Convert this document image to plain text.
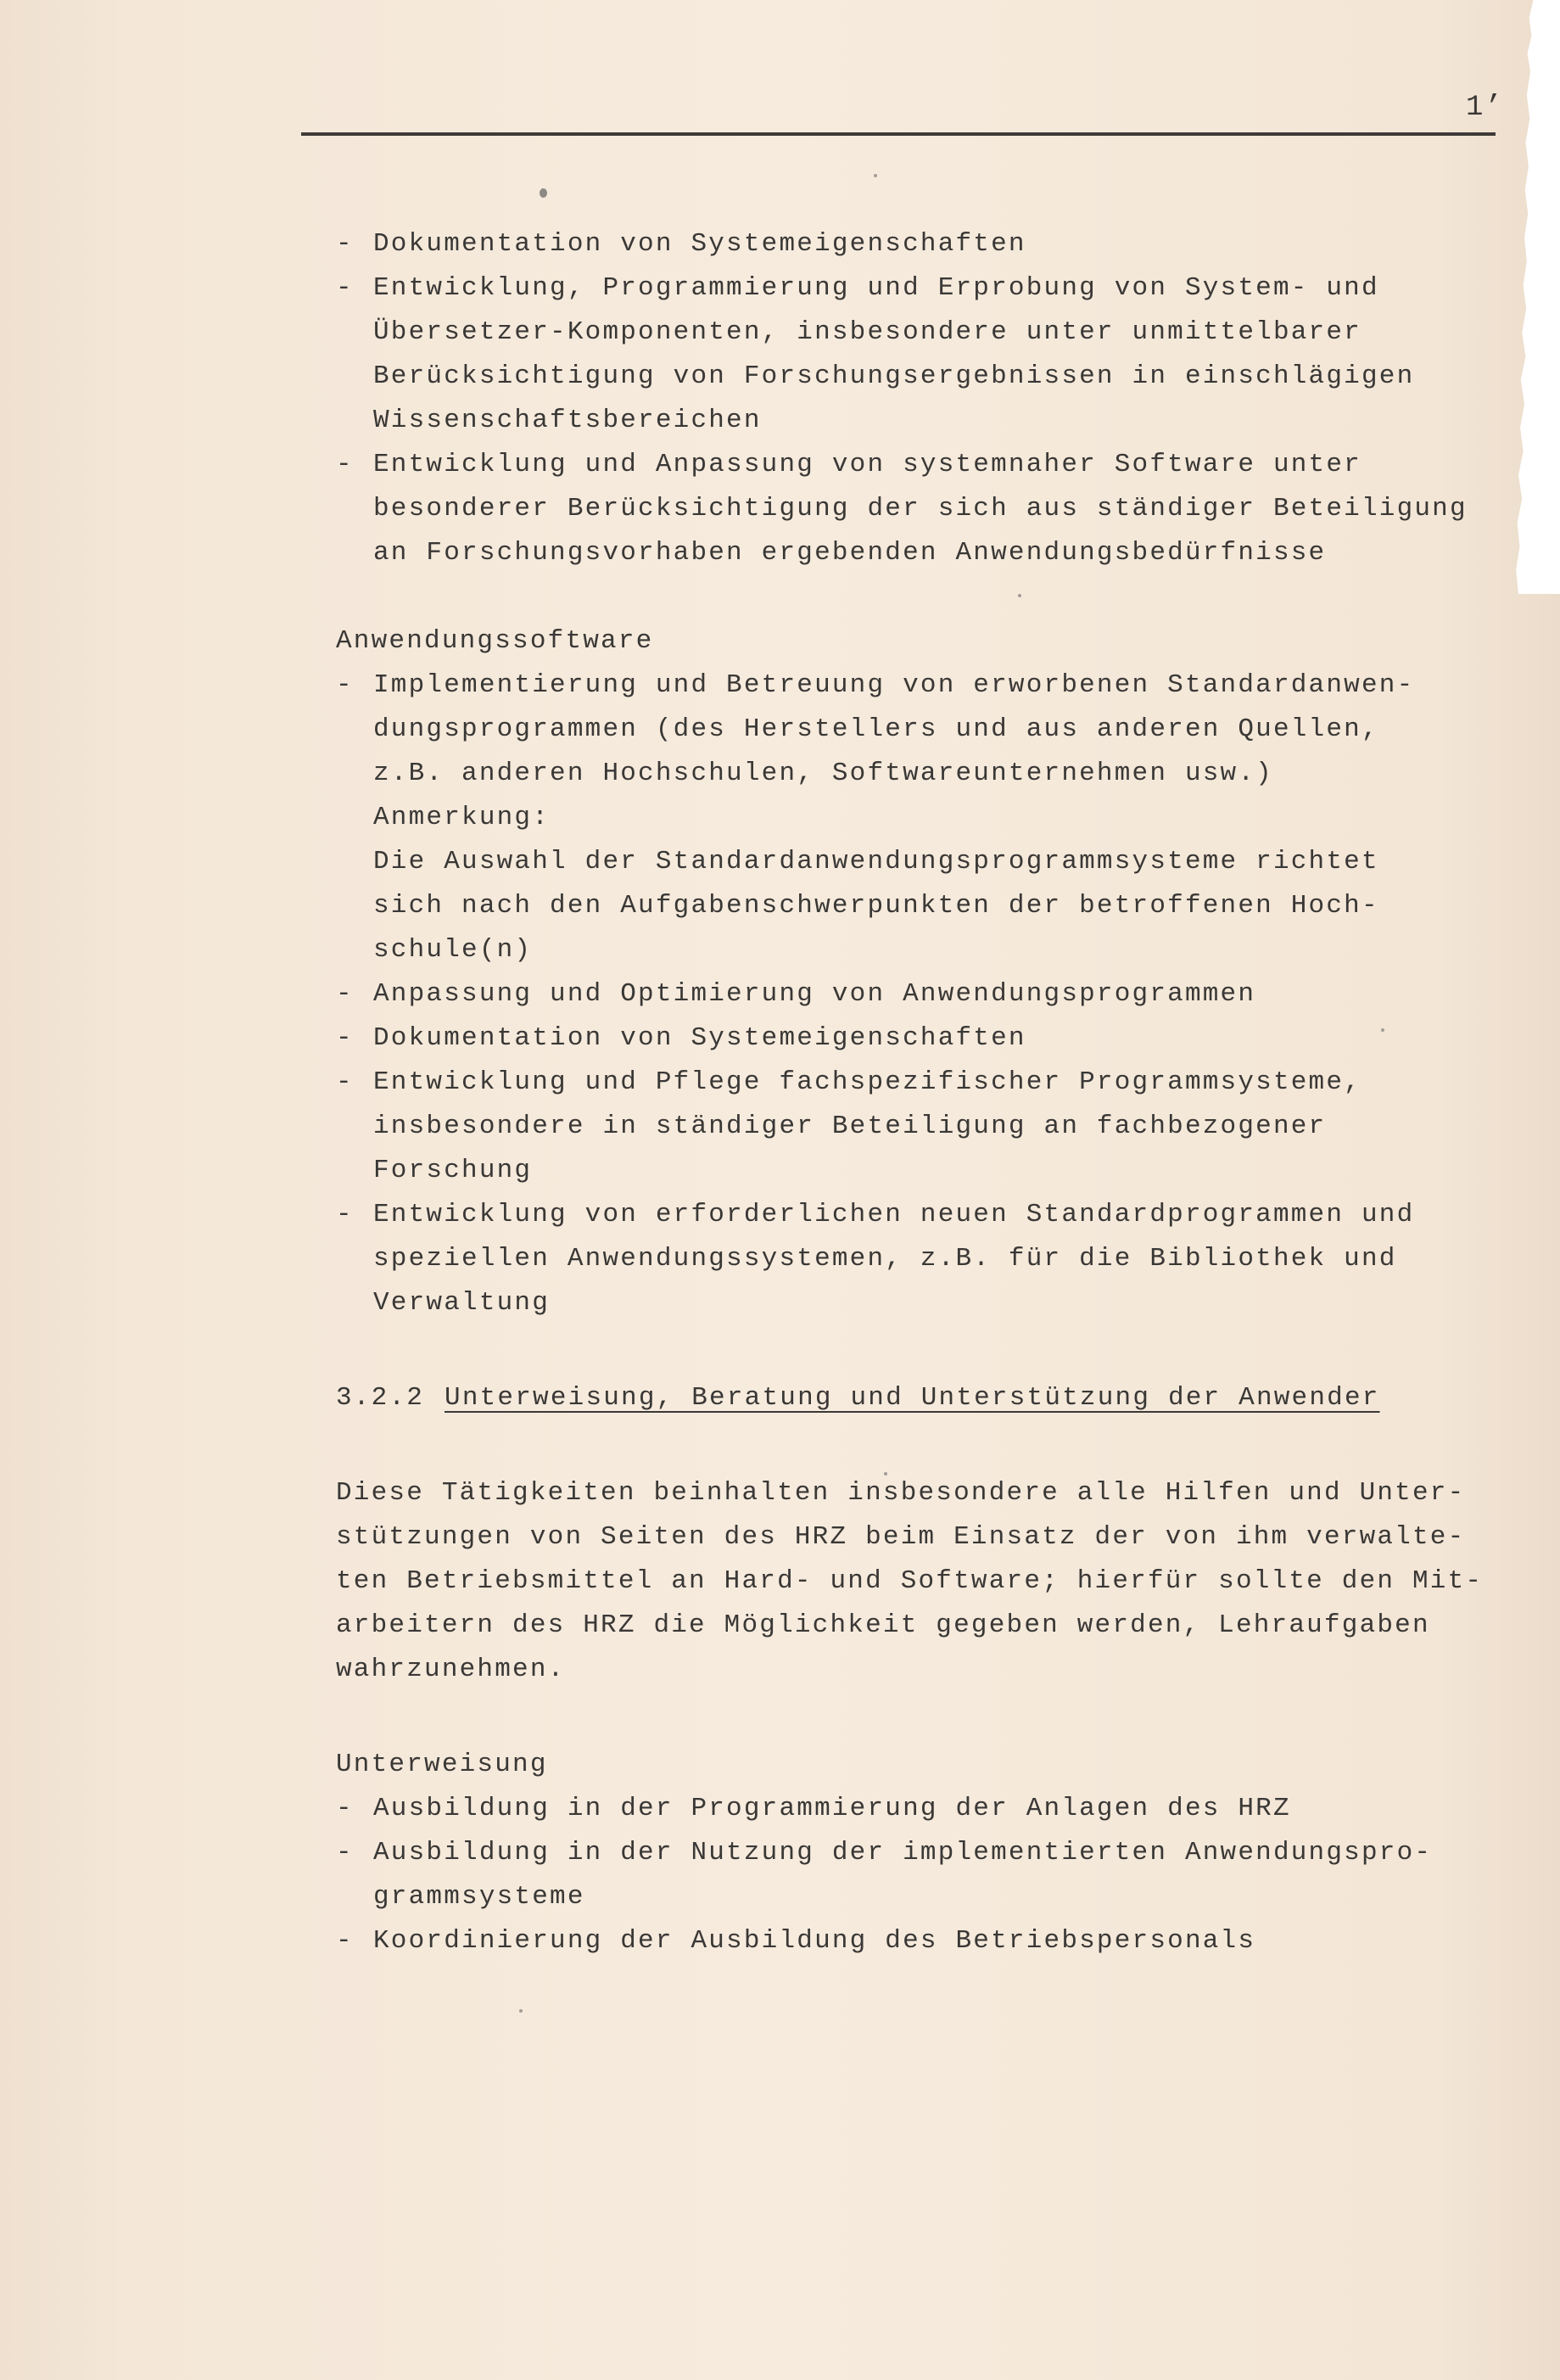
1’
- Dokumentation von Systemeigenschaften
- Entwicklung, Programmierung und Erprobung von System- und
Übersetzer-Komponenten, insbesondere unter unmittelbarer
Berücksichtigung von Forschungsergebnissen in einschlägigen
Wissenschaftsbereichen
- Entwicklung und Anpassung von systemnaher Software unter
besonderer Berücksichtigung der sich aus ständiger Beteiligung
an Forschungsvorhaben ergebenden Anwendungsbedürfnisse
Anwendungssoftware
- Implementierung und Betreuung von erworbenen Standardanwen-
dungsprogrammen (des Herstellers und aus anderen Quellen,
z.B. anderen Hochschulen, Softwareunternehmen usw.)
Anmerkung:
Die Auswahl der Standardanwendungsprogrammsysteme richtet
sich nach den Aufgabenschwerpunkten der betroffenen Hoch-
schule(n)
- Anpassung und Optimierung von Anwendungsprogrammen
- Dokumentation von Systemeigenschaften
- Entwicklung und Pflege fachspezifischer Programmsysteme,
insbesondere in ständiger Beteiligung an fachbezogener
Forschung
- Entwicklung von erforderlichen neuen Standardprogrammen und
speziellen Anwendungssystemen, z.B. für die Bibliothek und
Verwaltung
3.2.2 Unterweisung, Beratung und Unterstützung der Anwender
Diese Tätigkeiten beinhalten insbesondere alle Hilfen und Unter-
stützungen von Seiten des HRZ beim Einsatz der von ihm verwalte-
ten Betriebsmittel an Hard- und Software; hierfür sollte den Mit-
arbeitern des HRZ die Möglichkeit gegeben werden, Lehraufgaben
wahrzunehmen.
Unterweisung
- Ausbildung in der Programmierung der Anlagen des HRZ
- Ausbildung in der Nutzung der implementierten Anwendungspro-
grammsysteme
- Koordinierung der Ausbildung des Betriebspersonals
